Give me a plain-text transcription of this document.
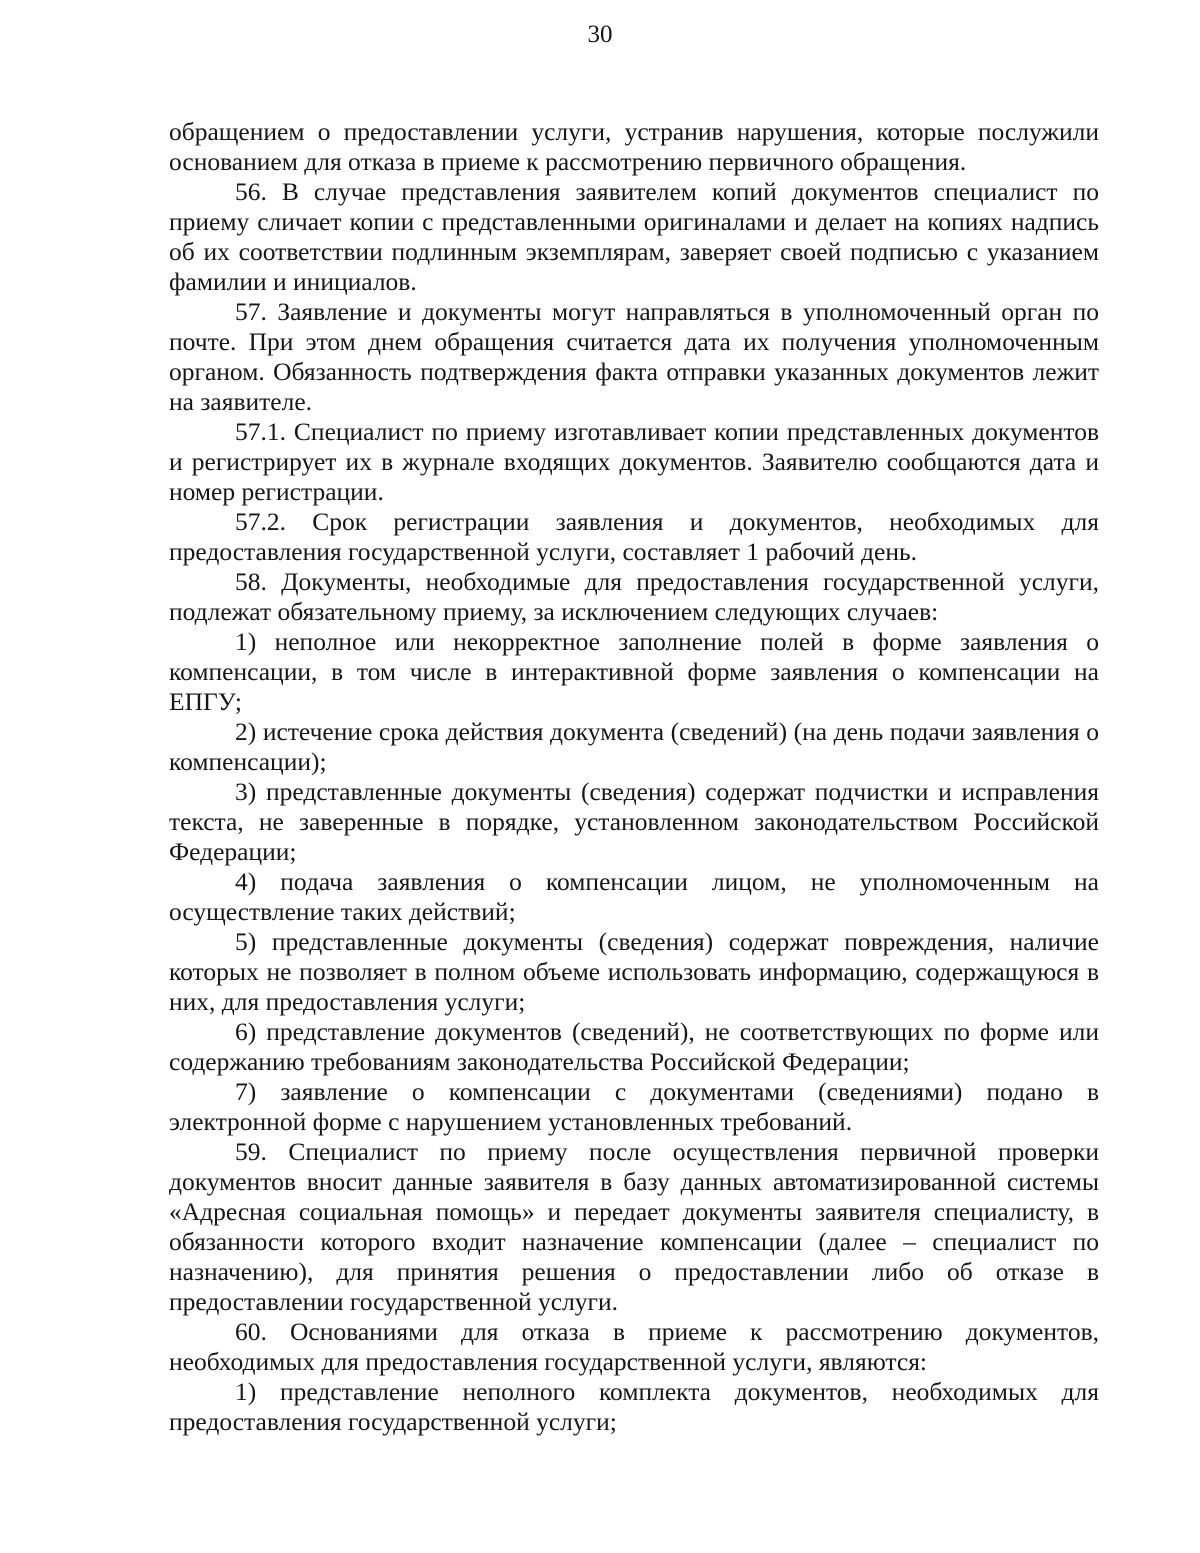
30

обращением о предоставлении услуги, устранив нарушения, которые послужили основанием для отказа в приеме к рассмотрению первичного обращения.

56. В случае представления заявителем копий документов специалист по приему сличает копии с представленными оригиналами и делает на копиях надпись об их соответствии подлинным экземплярам, заверяет своей подписью с указанием фамилии и инициалов.

57. Заявление и документы могут направляться в уполномоченный орган по почте. При этом днем обращения считается дата их получения уполномоченным органом. Обязанность подтверждения факта отправки указанных документов лежит на заявителе.

57.1. Специалист по приему изготавливает копии представленных документов и регистрирует их в журнале входящих документов. Заявителю сообщаются дата и номер регистрации.

57.2. Срок регистрации заявления и документов, необходимых для предоставления государственной услуги, составляет 1 рабочий день.

58. Документы, необходимые для предоставления государственной услуги, подлежат обязательному приему, за исключением следующих случаев:

1) неполное или некорректное заполнение полей в форме заявления о компенсации, в том числе в интерактивной форме заявления о компенсации на ЕПГУ;

2) истечение срока действия документа (сведений) (на день подачи заявления о компенсации);

3) представленные документы (сведения) содержат подчистки и исправления текста, не заверенные в порядке, установленном законодательством Российской Федерации;

4) подача заявления о компенсации лицом, не уполномоченным на осуществление таких действий;

5) представленные документы (сведения) содержат повреждения, наличие которых не позволяет в полном объеме использовать информацию, содержащуюся в них, для предоставления услуги;

6) представление документов (сведений), не соответствующих по форме или содержанию требованиям законодательства Российской Федерации;

7) заявление о компенсации с документами (сведениями) подано в электронной форме с нарушением установленных требований.

59. Специалист по приему после осуществления первичной проверки документов вносит данные заявителя в базу данных автоматизированной системы «Адресная социальная помощь» и передает документы заявителя специалисту, в обязанности которого входит назначение компенсации (далее – специалист по назначению), для принятия решения о предоставлении либо об отказе в предоставлении государственной услуги.

60. Основаниями для отказа в приеме к рассмотрению документов, необходимых для предоставления государственной услуги, являются:

1) представление неполного комплекта документов, необходимых для предоставления государственной услуги;
